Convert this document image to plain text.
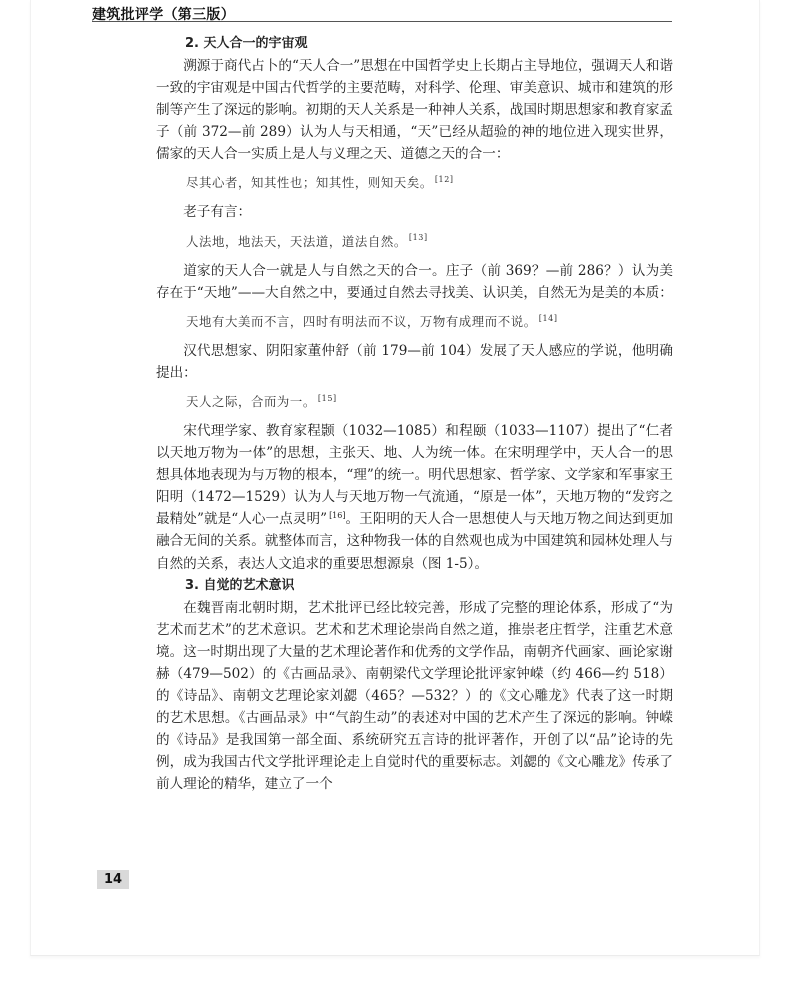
建筑批评学（第三版）

2. 天人合一的宇宙观

溯源于商代占卜的“天人合一”思想在中国哲学史上长期占主导地位，强调天人和谐一致的宇宙观是中国古代哲学的主要范畴，对科学、伦理、审美意识、城市和建筑的形制等产生了深远的影响。初期的天人关系是一种神人关系，战国时期思想家和教育家孟子（前 372—前 289）认为人与天相通，“天”已经从超验的神的地位进入现实世界，儒家的天人合一实质上是人与义理之天、道德之天的合一：

尽其心者，知其性也；知其性，则知天矣。 [12]

老子有言：

人法地，地法天，天法道，道法自然。 [13]

道家的天人合一就是人与自然之天的合一。庄子（前 369？—前 286？）认为美存在于“天地”——大自然之中，要通过自然去寻找美、认识美，自然无为是美的本质：

天地有大美而不言，四时有明法而不议，万物有成理而不说。 [14]

汉代思想家、阴阳家董仲舒（前 179—前 104）发展了天人感应的学说，他明确提出：

天人之际，合而为一。 [15]

宋代理学家、教育家程颢（1032—1085）和程颐（1033—1107）提出了“仁者以天地万物为一体”的思想，主张天、地、人为统一体。在宋明理学中，天人合一的思想具体地表现为与万物的根本，“理”的统一。明代思想家、哲学家、文学家和军事家王阳明（1472—1529）认为人与天地万物一气流通，“原是一体”，天地万物的“发窍之最精处”就是“人心一点灵明” [16]。王阳明的天人合一思想使人与天地万物之间达到更加融合无间的关系。就整体而言，这种物我一体的自然观也成为中国建筑和园林处理人与自然的关系，表达人文追求的重要思想源泉（图 1-5）。

3. 自觉的艺术意识

在魏晋南北朝时期，艺术批评已经比较完善，形成了完整的理论体系，形成了“为艺术而艺术”的艺术意识。艺术和艺术理论崇尚自然之道，推崇老庄哲学，注重艺术意境。这一时期出现了大量的艺术理论著作和优秀的文学作品，南朝齐代画家、画论家谢赫（479—502）的《古画品录》、南朝梁代文学理论批评家钟嵘（约 466—约 518）的《诗品》、南朝文艺理论家刘勰（465？—532？）的《文心雕龙》代表了这一时期的艺术思想。《古画品录》中“气韵生动”的表述对中国的艺术产生了深远的影响。钟嵘的《诗品》是我国第一部全面、系统研究五言诗的批评著作，开创了以“品”论诗的先例，成为我国古代文学批评理论走上自觉时代的重要标志。刘勰的《文心雕龙》传承了前人理论的精华，建立了一个

14
